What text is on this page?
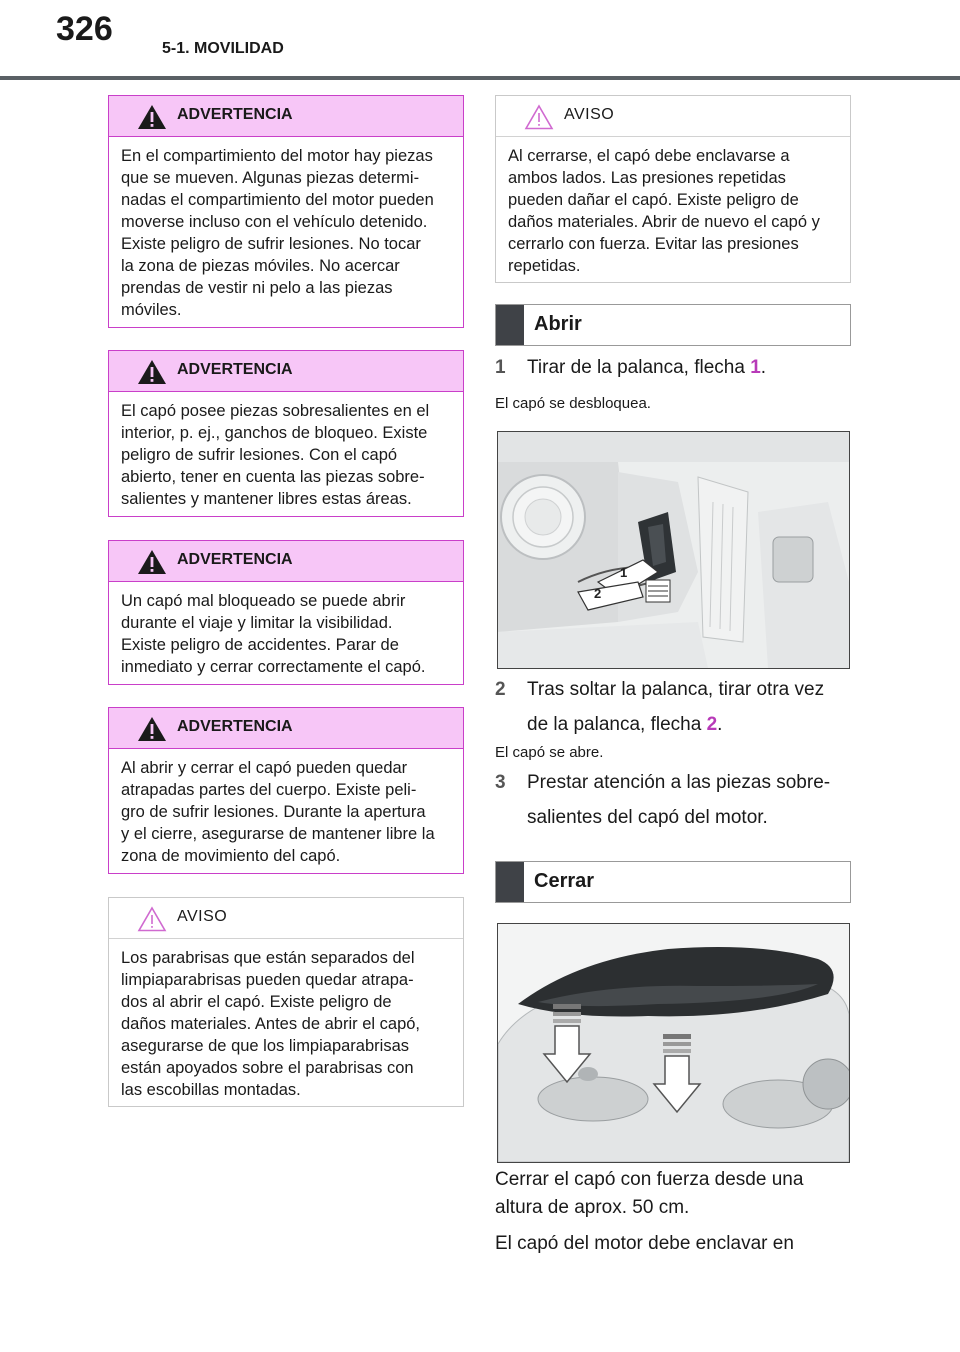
326
5-1. MOVILIDAD
ADVERTENCIA
En el compartimiento del motor hay piezas
que se mueven. Algunas piezas determi-
nadas el compartimiento del motor pueden
moverse incluso con el vehículo detenido.
Existe peligro de sufrir lesiones. No tocar
la zona de piezas móviles. No acercar
prendas de vestir ni pelo a las piezas
móviles.
ADVERTENCIA
El capó posee piezas sobresalientes en el
interior, p. ej., ganchos de bloqueo. Existe
peligro de sufrir lesiones. Con el capó
abierto, tener en cuenta las piezas sobre-
salientes y mantener libres estas áreas.
ADVERTENCIA
Un capó mal bloqueado se puede abrir
durante el viaje y limitar la visibilidad.
Existe peligro de accidentes. Parar de
inmediato y cerrar correctamente el capó.
ADVERTENCIA
Al abrir y cerrar el capó pueden quedar
atrapadas partes del cuerpo. Existe peli-
gro de sufrir lesiones. Durante la apertura
y el cierre, asegurarse de mantener libre la
zona de movimiento del capó.
AVISO
Los parabrisas que están separados del
limpiaparabrisas pueden quedar atrapa-
dos al abrir el capó. Existe peligro de
daños materiales. Antes de abrir el capó,
asegurarse de que los limpiaparabrisas
están apoyados sobre el parabrisas con
las escobillas montadas.
AVISO
Al cerrarse, el capó debe enclavarse a
ambos lados. Las presiones repetidas
pueden dañar el capó. Existe peligro de
daños materiales. Abrir de nuevo el capó y
cerrarlo con fuerza. Evitar las presiones
repetidas.
Abrir
1 Tirar de la palanca, flecha 1.
El capó se desbloquea.
1
2
2 Tras soltar la palanca, tirar otra vez
de la palanca, flecha 2.
El capó se abre.
3 Prestar atención a las piezas sobre-
salientes del capó del motor.
Cerrar
Cerrar el capó con fuerza desde una
altura de aprox. 50 cm.
El capó del motor debe enclavar en
